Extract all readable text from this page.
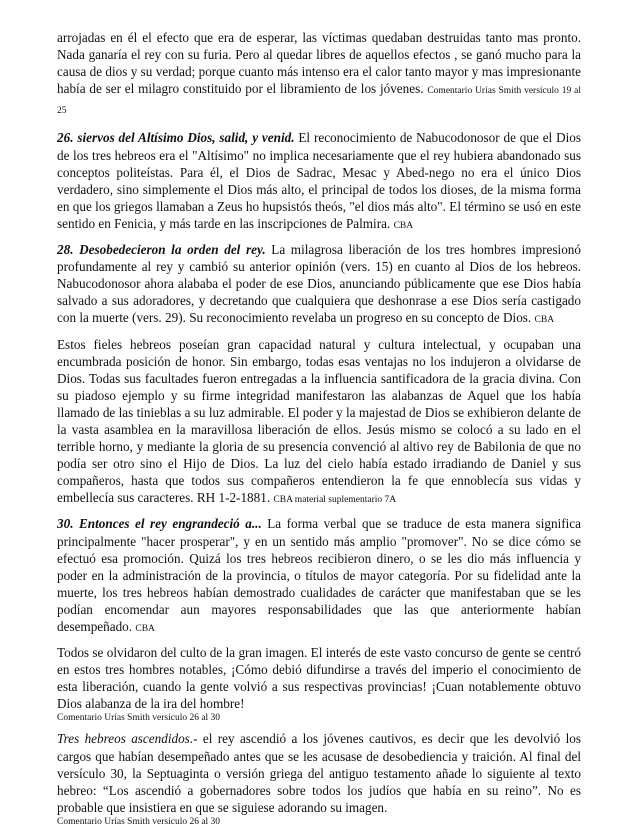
arrojadas en él el efecto que era de esperar, las víctimas quedaban destruidas tanto mas pronto. Nada ganaría el rey con su furia. Pero al quedar libres de aquellos efectos , se ganó mucho para la causa de dios y su verdad; porque cuanto más intenso era el calor tanto mayor y mas impresionante había de ser el milagro constituido por el libramiento de los jóvenes. Comentario Urías Smith versículo 19 al 25

26. siervos del Altísimo Dios, salid, y venid. El reconocimiento de Nabucodonosor de que el Dios de los tres hebreos era el "Altísimo" no implica necesariamente que el rey hubiera abandonado sus conceptos politeístas. Para él, el Dios de Sadrac, Mesac y Abed-nego no era el único Dios verdadero, sino simplemente el Dios más alto, el principal de todos los dioses, de la misma forma en que los griegos llamaban a Zeus ho hupsistós theós, "el dios más alto". El término se usó en este sentido en Fenicia, y más tarde en las inscripciones de Palmira. CBA

28. Desobedecieron la orden del rey. La milagrosa liberación de los tres hombres impresionó profundamente al rey y cambió su anterior opinión (vers. 15) en cuanto al Dios de los hebreos. Nabucodonosor ahora alababa el poder de ese Dios, anunciando públicamente que ese Dios había salvado a sus adoradores, y decretando que cualquiera que deshonrase a ese Dios sería castigado con la muerte (vers. 29). Su reconocimiento revelaba un progreso en su concepto de Dios. CBA

Estos fieles hebreos poseían gran capacidad natural y cultura intelectual, y ocupaban una encumbrada posición de honor. Sin embargo, todas esas ventajas no los indujeron a olvidarse de Dios. Todas sus facultades fueron entregadas a la influencia santificadora de la gracia divina. Con su piadoso ejemplo y su firme integridad manifestaron las alabanzas de Aquel que los había llamado de las tinieblas a su luz admirable. El poder y la majestad de Dios se exhibieron delante de la vasta asamblea en la maravillosa liberación de ellos. Jesús mismo se colocó a su lado en el terrible horno, y mediante la gloria de su presencia convenció al altivo rey de Babilonia de que no podía ser otro sino el Hijo de Dios. La luz del cielo había estado irradiando de Daniel y sus compañeros, hasta que todos sus compañeros entendieron la fe que ennoblecía sus vidas y embellecía sus caracteres. RH 1-2-1881. CBA material suplementario 7A

30. Entonces el rey engrandeció a... La forma verbal que se traduce de esta manera significa principalmente "hacer prosperar", y en un sentido más amplio "promover". No se dice cómo se efectuó esa promoción. Quizá los tres hebreos recibieron dinero, o se les dio más influencia y poder en la administración de la provincia, o títulos de mayor categoría. Por su fidelidad ante la muerte, los tres hebreos habían demostrado cualidades de carácter que manifestaban que se les podían encomendar aun mayores responsabilidades que las que anteriormente habían desempeñado. CBA

Todos se olvidaron del culto de la gran imagen. El interés de este vasto concurso de gente se centró en estos tres hombres notables, ¡Cómo debió difundirse a través del imperio el conocimiento de esta liberación, cuando la gente volvió a sus respectivas provincias! ¡Cuan notablemente obtuvo Dios alabanza de la ira del hombre!
Comentario Urías Smith versículo 26 al 30

Tres hebreos ascendidos.- el rey ascendió a los jóvenes cautivos, es decir que les devolvió los cargos que habían desempeñado antes que se les acusase de desobediencia y traición. Al final del versículo 30, la Septuaginta o versión griega del antiguo testamento añade lo siguiente al texto hebreo: “Los ascendió a gobernadores sobre todos los judíos que había en su reino”. No es probable que insistiera en que se siguiese adorando su imagen.
Comentario Urías Smith versículo 26 al 30
